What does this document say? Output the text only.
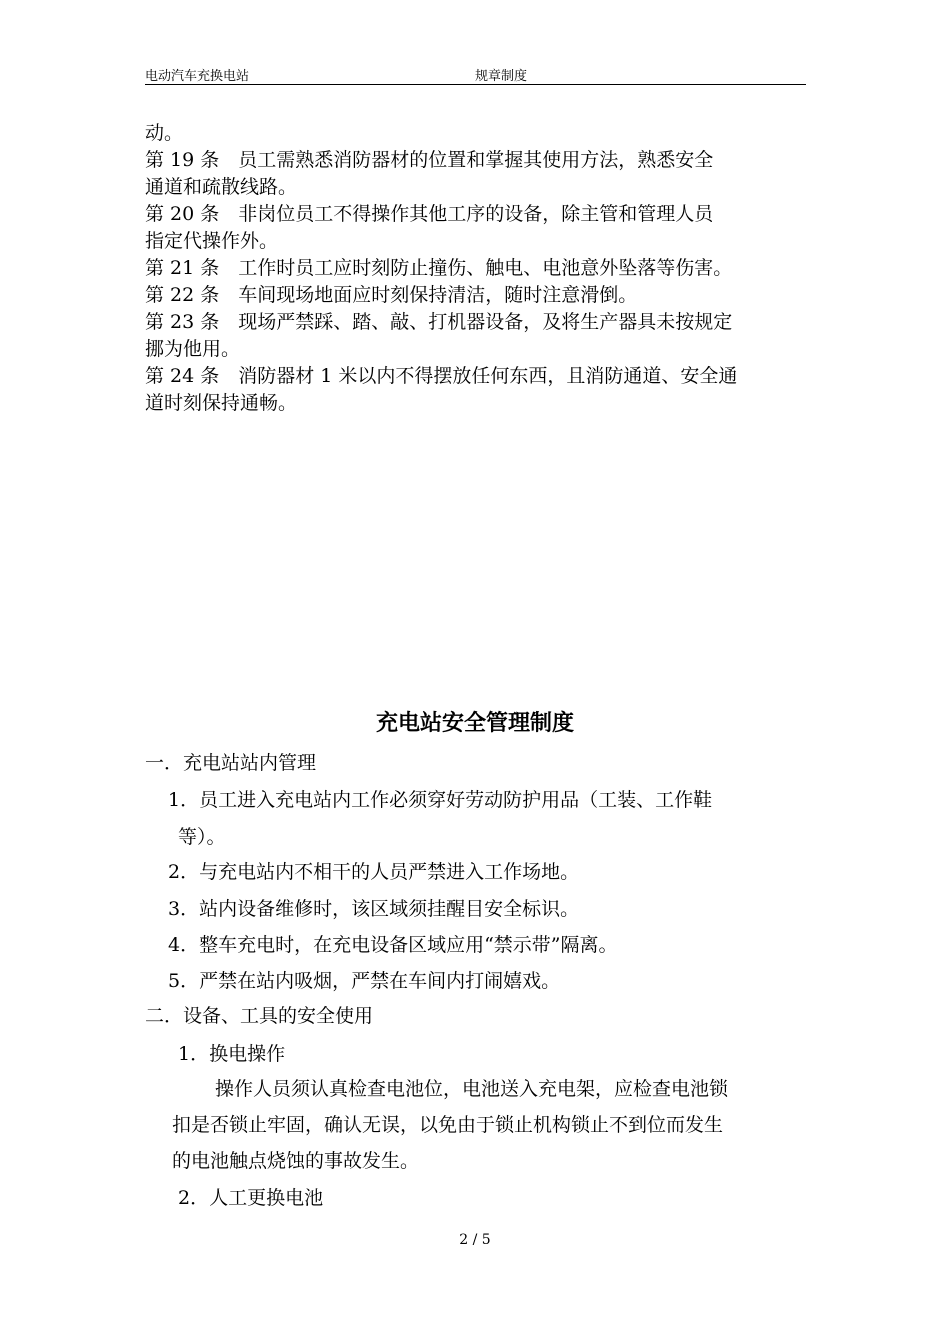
电动汽车充换电站	规章制度

动。

第 19 条　员工需熟悉消防器材的位置和掌握其使用方法，熟悉安全

通道和疏散线路。

第 20 条　非岗位员工不得操作其他工序的设备，除主管和管理人员

指定代操作外。

第 21 条　工作时员工应时刻防止撞伤、触电、电池意外坠落等伤害。

第 22 条　车间现场地面应时刻保持清洁，随时注意滑倒。

第 23 条　现场严禁踩、踏、敲、打机器设备，及将生产器具未按规定

挪为他用。

第 24 条　消防器材 1 米以内不得摆放任何东西，且消防通道、安全通

道时刻保持通畅。

充电站安全管理制度
一．充电站站内管理
1．员工进入充电站内工作必须穿好劳动防护用品（工装、工作鞋
等）。
2．与充电站内不相干的人员严禁进入工作场地。
3．站内设备维修时，该区域须挂醒目安全标识。
4．整车充电时，在充电设备区域应用“禁示带”隔离。
5．严禁在站内吸烟，严禁在车间内打闹嬉戏。
二．设备、工具的安全使用
1．换电操作
操作人员须认真检查电池位，电池送入充电架，应检查电池锁
扣是否锁止牢固，确认无误，以免由于锁止机构锁止不到位而发生
的电池触点烧蚀的事故发生。
2．人工更换电池
2 / 5
